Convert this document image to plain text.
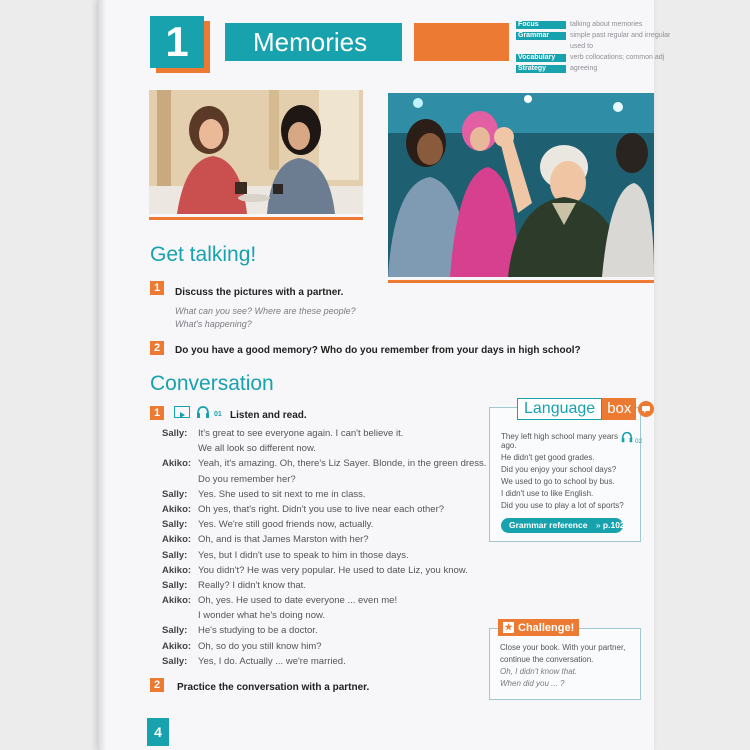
1	Memories
Focus	talking about memories
Grammar	simple past regular and irregular
used to
Vocabulary	verb collocations; common adj
Strategy	agreeing
Get talking!
1	Discuss the pictures with a partner.
What can you see? Where are these people?
What's happening?
2	Do you have a good memory? Who do you remember from your days in high school?
Conversation
1	01 Listen and read.
Sally:	It's great to see everyone again. I can't believe it.
We all look so different now.
Akiko: Yeah, it's amazing. Oh, there's Liz Sayer. Blonde, in the green dress.
Do you remember her?
Sally:	Yes. She used to sit next to me in class.
Akiko: Oh yes, that's right. Didn't you use to live near each other?
Sally:	Yes. We're still good friends now, actually.
Akiko: Oh, and is that James Marston with her?
Sally:	Yes, but I didn't use to speak to him in those days.
Akiko: You didn't? He was very popular. He used to date Liz, you know.
Sally:	Really? I didn't know that.
Akiko: Oh, yes. He used to date everyone ... even me!
I wonder what he's doing now.
Sally:	He's studying to be a doctor.
Akiko: Oh, so do you still know him?
Sally:	Yes, I do. Actually ... we're married.
2	Practice the conversation with a partner.
Language box
02

They left high school many years ago.

He didn't get good grades.

Did you enjoy your school days?

We used to go to school by bus.

I didn't use to like English.

Did you use to play a lot of sports?

Grammar reference » p.102
★ Challenge!
Close your book. With your partner,
continue the conversation.
Oh, I didn't know that.
When did you ... ?
4
